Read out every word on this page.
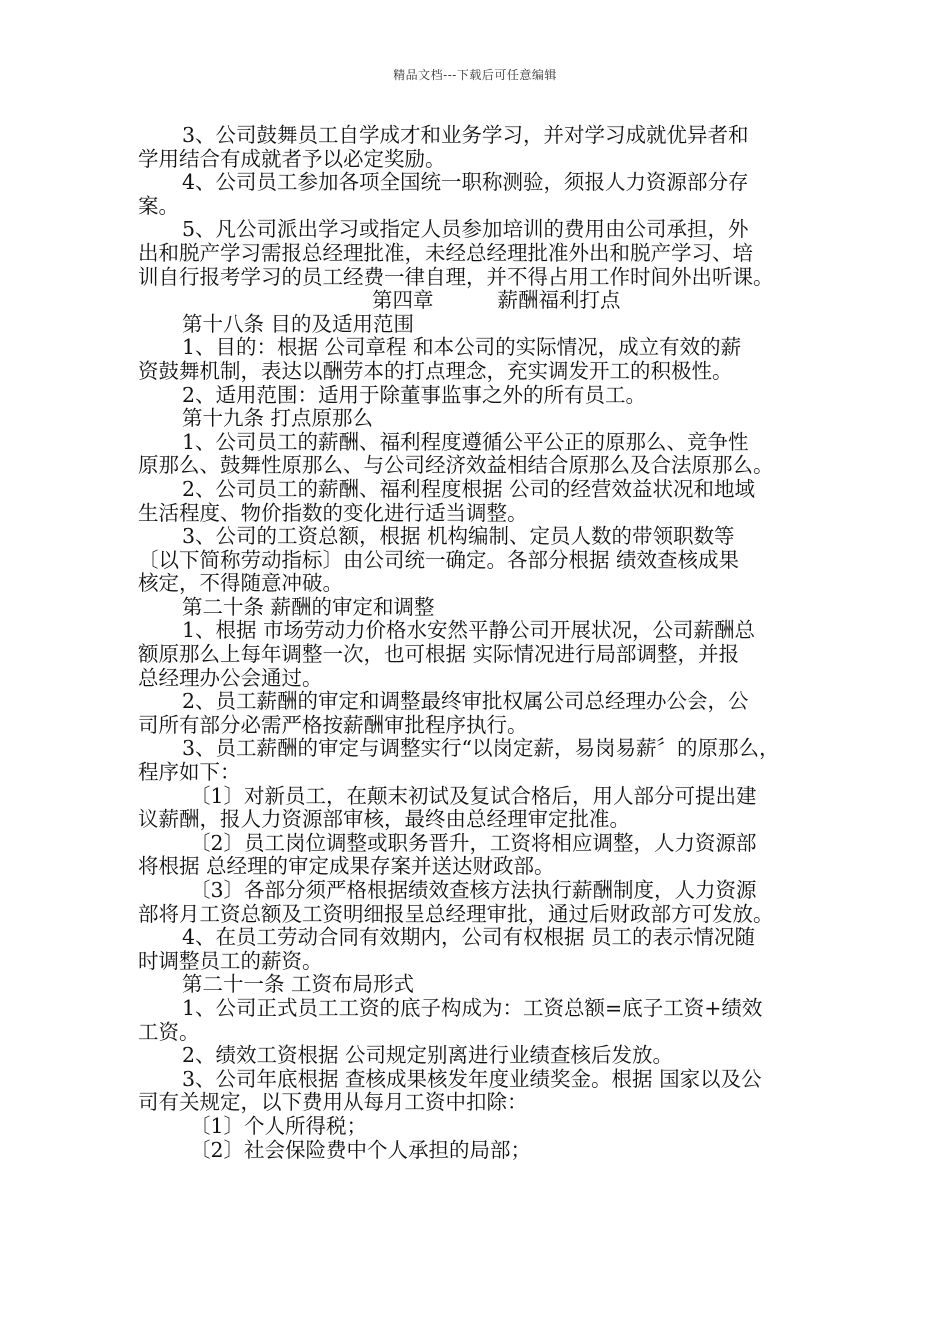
精品文档---下载后可任意编辑
3、公司鼓舞员工自学成才和业务学习，并对学习成就优异者和
学用结合有成就者予以必定奖励。
4、公司员工参加各项全国统一职称测验，须报人力资源部分存
案。
5、凡公司派出学习或指定人员参加培训的费用由公司承担，外
出和脱产学习需报总经理批准，未经总经理批准外出和脱产学习、培
训自行报考学习的员工经费一律自理，并不得占用工作时间外出听课。
第四章	薪酬福利打点
第十八条 目的及适用范围
1、目的：根据 公司章程 和本公司的实际情况，成立有效的薪
资鼓舞机制，表达以酬劳本的打点理念，充实调发开工的积极性。
2、适用范围：适用于除董事监事之外的所有员工。
第十九条 打点原那么
1、公司员工的薪酬、福利程度遵循公平公正的原那么、竞争性
原那么、鼓舞性原那么、与公司经济效益相结合原那么及合法原那么。
2、公司员工的薪酬、福利程度根据 公司的经营效益状况和地域
生活程度、物价指数的变化进行适当调整。
3、公司的工资总额，根据 机构编制、定员人数的带领职数等
〔以下简称劳动指标〕由公司统一确定。各部分根据 绩效查核成果
核定，不得随意冲破。
第二十条 薪酬的审定和调整
1、根据 市场劳动力价格水安然平静公司开展状况，公司薪酬总
额原那么上每年调整一次，也可根据 实际情况进行局部调整，并报
总经理办公会通过。
2、员工薪酬的审定和调整最终审批权属公司总经理办公会，公
司所有部分必需严格按薪酬审批程序执行。
3、员工薪酬的审定与调整实行“以岗定薪，易岗易薪〞的原那么，
程序如下：
〔1〕对新员工，在颠末初试及复试合格后，用人部分可提出建
议薪酬，报人力资源部审核，最终由总经理审定批准。
〔2〕员工岗位调整或职务晋升，工资将相应调整，人力资源部
将根据 总经理的审定成果存案并送达财政部。
〔3〕各部分须严格根据绩效查核方法执行薪酬制度，人力资源
部将月工资总额及工资明细报呈总经理审批，通过后财政部方可发放。
4、在员工劳动合同有效期内，公司有权根据 员工的表示情况随
时调整员工的薪资。
第二十一条 工资布局形式
1、公司正式员工工资的底子构成为：工资总额=底子工资+绩效
工资。
2、绩效工资根据 公司规定别离进行业绩查核后发放。
3、公司年底根据 查核成果核发年度业绩奖金。根据 国家以及公
司有关规定，以下费用从每月工资中扣除：
〔1〕个人所得税；
〔2〕社会保险费中个人承担的局部；
